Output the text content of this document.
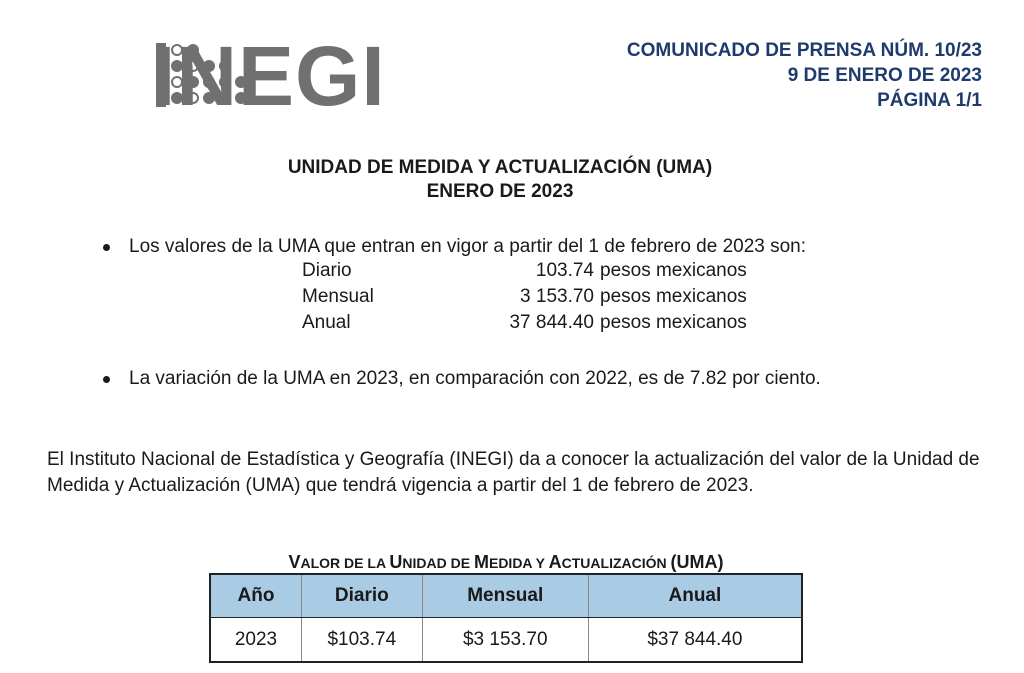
INEGI	COMUNICADO DE PRENSA NÚM. 10/23
9 DE ENERO DE 2023
PÁGINA 1/1
UNIDAD DE MEDIDA Y ACTUALIZACIÓN (UMA)
ENERO DE 2023
Los valores de la UMA que entran en vigor a partir del 1 de febrero de 2023 son:
Diario	103.74 pesos mexicanos
Mensual	3 153.70 pesos mexicanos
Anual	37 844.40 pesos mexicanos
La variación de la UMA en 2023, en comparación con 2022, es de 7.82 por ciento.
El Instituto Nacional de Estadística y Geografía (INEGI) da a conocer la actualización del valor de la Unidad de Medida y Actualización (UMA) que tendrá vigencia a partir del 1 de febrero de 2023.
VALOR DE LA UNIDAD DE MEDIDA Y ACTUALIZACIÓN (UMA)
Año	Diario	Mensual	Anual
2023	$103.74	$3 153.70	$37 844.40
